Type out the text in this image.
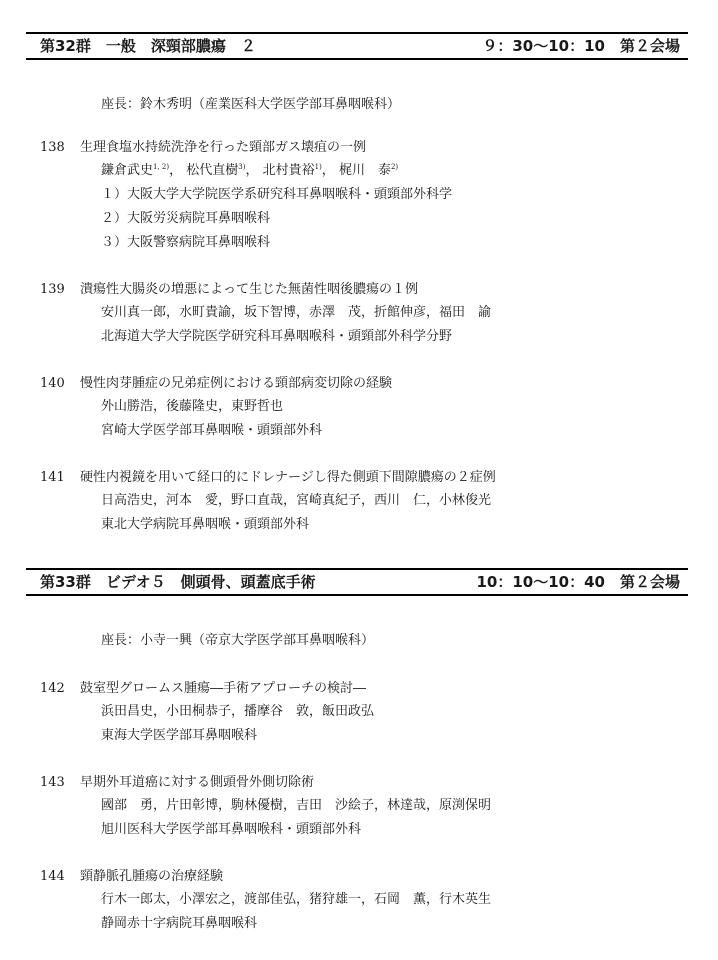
第32群　一般　深頸部膿瘍　２	９：30〜10：10　第２会場
座長：鈴木秀明（産業医科大学医学部耳鼻咽喉科）
138 生理食塩水持続洗浄を行った頸部ガス壊疽の一例
鎌倉武史$^{1, 2)}$， 松代直樹$^{3)}$， 北村貴裕$^{1)}$， 梶川　泰$^{2)}$
１）大阪大学大学院医学系研究科耳鼻咽喉科・頭頸部外科学
２）大阪労災病院耳鼻咽喉科
３）大阪警察病院耳鼻咽喉科
139 潰瘍性大腸炎の増悪によって生じた無菌性咽後膿瘍の１例
安川真一郎，水町貴諭，坂下智博，赤澤　茂，折館伸彦，福田　諭
北海道大学大学院医学研究科耳鼻咽喉科・頭頸部外科学分野
140 慢性肉芽腫症の兄弟症例における頸部病変切除の経験
外山勝浩，後藤隆史，東野哲也
宮崎大学医学部耳鼻咽喉・頭頸部外科
141 硬性内視鏡を用いて経口的にドレナージし得た側頭下間隙膿瘍の２症例
日高浩史，河本　愛，野口直哉，宮崎真紀子，西川　仁，小林俊光
東北大学病院耳鼻咽喉・頭頸部外科
第33群　ビデオ５　側頭骨、頭蓋底手術	10：10〜10：40　第２会場
座長：小寺一興（帝京大学医学部耳鼻咽喉科）
142 鼓室型グロームス腫瘍―手術アプローチの検討―
浜田昌史，小田桐恭子，播摩谷　敦，飯田政弘
東海大学医学部耳鼻咽喉科
143 早期外耳道癌に対する側頭骨外側切除術
國部　勇，片田彰博，駒林優樹，吉田　沙絵子，林達哉，原渕保明
旭川医科大学医学部耳鼻咽喉科・頭頸部外科
144 頸静脈孔腫瘍の治療経験
行木一郎太，小澤宏之，渡部佳弘，猪狩雄一，石岡　薫，行木英生
静岡赤十字病院耳鼻咽喉科
